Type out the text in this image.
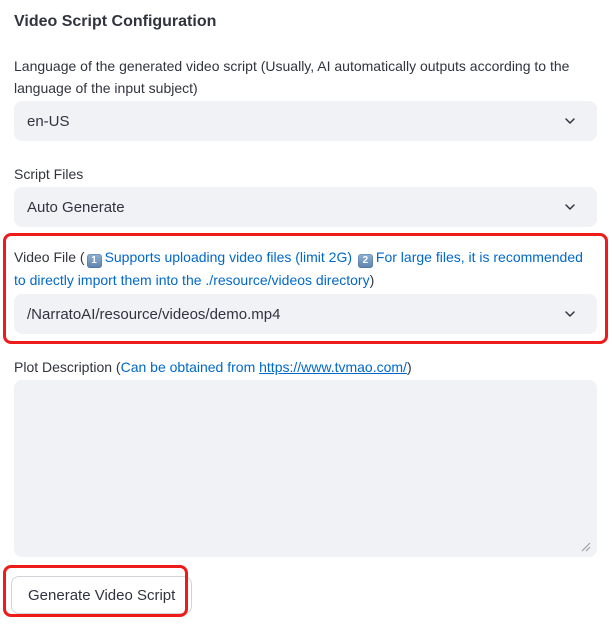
Video Script Configuration
Language of the generated video script (Usually, AI automatically outputs according to the language of the input subject)
en-US
Script Files
Auto Generate
Video File ( 1 Supports uploading video files (limit 2G) 2 For large files, it is recommended to directly import them into the ./resource/videos directory)
/NarratoAI/resource/videos/demo.mp4
Plot Description (Can be obtained from https://www.tvmao.com/)
Generate Video Script
